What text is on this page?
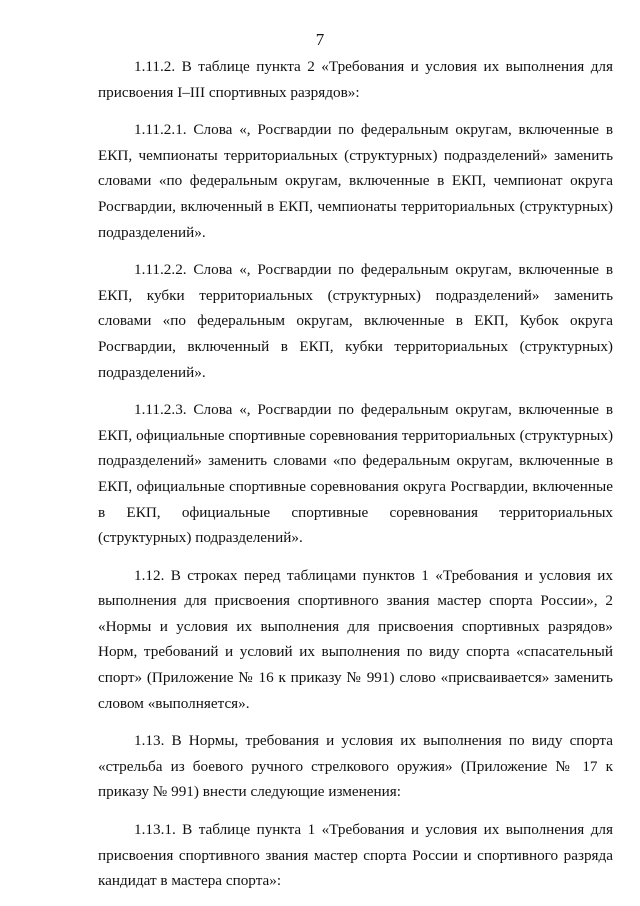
7

1.11.2. В таблице пункта 2 «Требования и условия их выполнения для присвоения I–III спортивных разрядов»:

1.11.2.1. Слова «, Росгвардии по федеральным округам, включенные в ЕКП, чемпионаты территориальных (структурных) подразделений» заменить словами «по федеральным округам, включенные в ЕКП, чемпионат округа Росгвардии, включенный в ЕКП, чемпионаты территориальных (структурных) подразделений».

1.11.2.2. Слова «, Росгвардии по федеральным округам, включенные в ЕКП, кубки территориальных (структурных) подразделений» заменить словами «по федеральным округам, включенные в ЕКП, Кубок округа Росгвардии, включенный в ЕКП, кубки территориальных (структурных) подразделений».

1.11.2.3. Слова «, Росгвардии по федеральным округам, включенные в ЕКП, официальные спортивные соревнования территориальных (структурных) подразделений» заменить словами «по федеральным округам, включенные в ЕКП, официальные спортивные соревнования округа Росгвардии, включенные в ЕКП, официальные спортивные соревнования территориальных (структурных) подразделений».

1.12. В строках перед таблицами пунктов 1 «Требования и условия их выполнения для присвоения спортивного звания мастер спорта России», 2 «Нормы и условия их выполнения для присвоения спортивных разрядов» Норм, требований и условий их выполнения по виду спорта «спасательный спорт» (Приложение № 16 к приказу № 991) слово «присваивается» заменить словом «выполняется».

1.13. В Нормы, требования и условия их выполнения по виду спорта «стрельба из боевого ручного стрелкового оружия» (Приложение № 17 к приказу № 991) внести следующие изменения:

1.13.1. В таблице пункта 1 «Требования и условия их выполнения для присвоения спортивного звания мастер спорта России и спортивного разряда кандидат в мастера спорта»:
